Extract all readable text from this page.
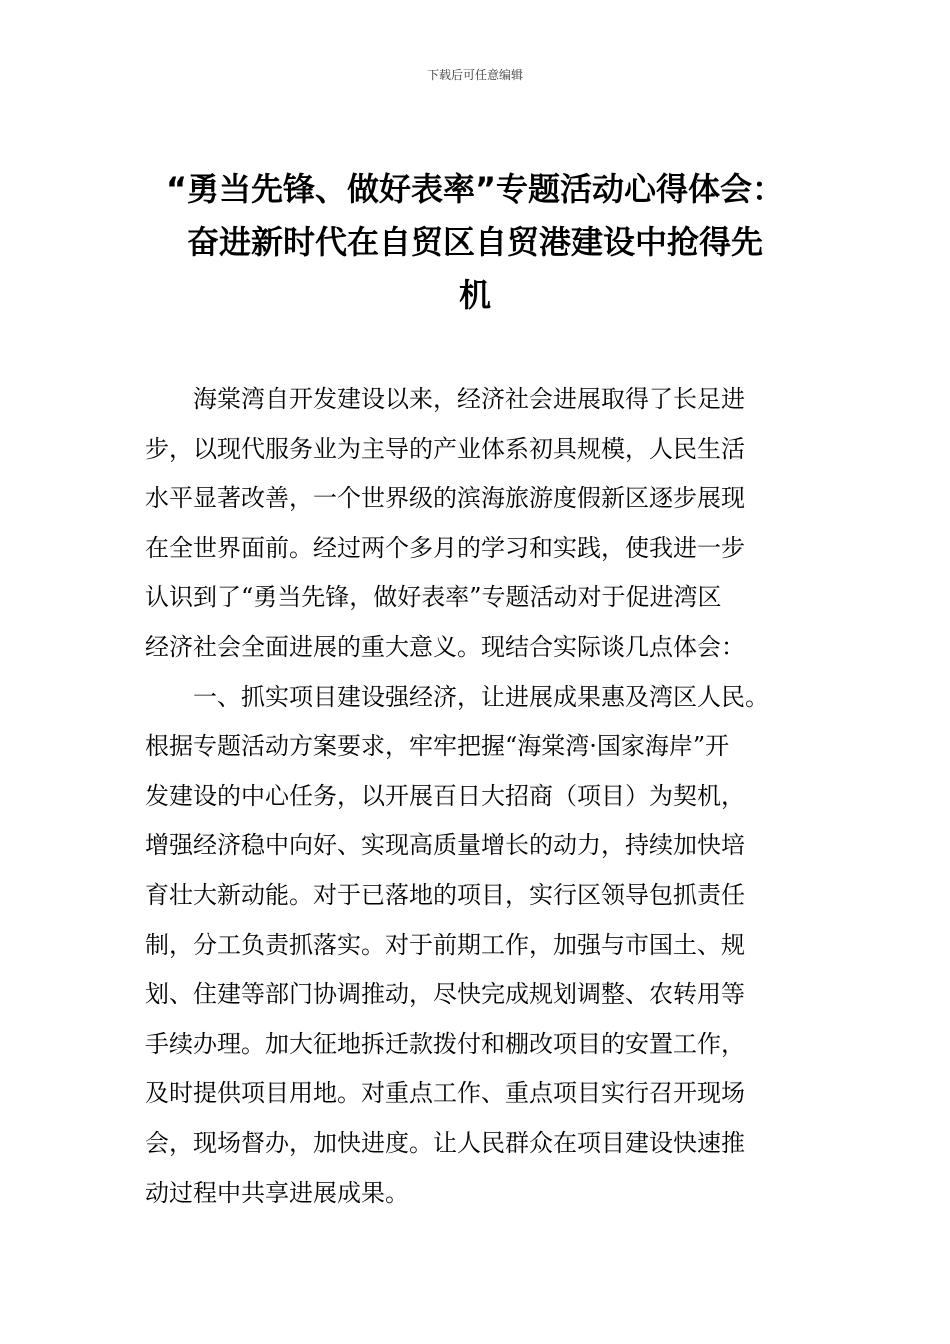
下载后可任意编辑
“勇当先锋、做好表率”专题活动心得体会：
奋进新时代在自贸区自贸港建设中抢得先
机
海棠湾自开发建设以来，经济社会进展取得了长足进
步，以现代服务业为主导的产业体系初具规模，人民生活
水平显著改善，一个世界级的滨海旅游度假新区逐步展现
在全世界面前。经过两个多月的学习和实践，使我进一步
认识到了“勇当先锋，做好表率”专题活动对于促进湾区
经济社会全面进展的重大意义。现结合实际谈几点体会：
一、抓实项目建设强经济，让进展成果惠及湾区人民。
根据专题活动方案要求，牢牢把握“海棠湾·国家海岸”开
发建设的中心任务，以开展百日大招商（项目）为契机，
增强经济稳中向好、实现高质量增长的动力，持续加快培
育壮大新动能。对于已落地的项目，实行区领导包抓责任
制，分工负责抓落实。对于前期工作，加强与市国土、规
划、住建等部门协调推动，尽快完成规划调整、农转用等
手续办理。加大征地拆迁款拨付和棚改项目的安置工作，
及时提供项目用地。对重点工作、重点项目实行召开现场
会，现场督办，加快进度。让人民群众在项目建设快速推
动过程中共享进展成果。
